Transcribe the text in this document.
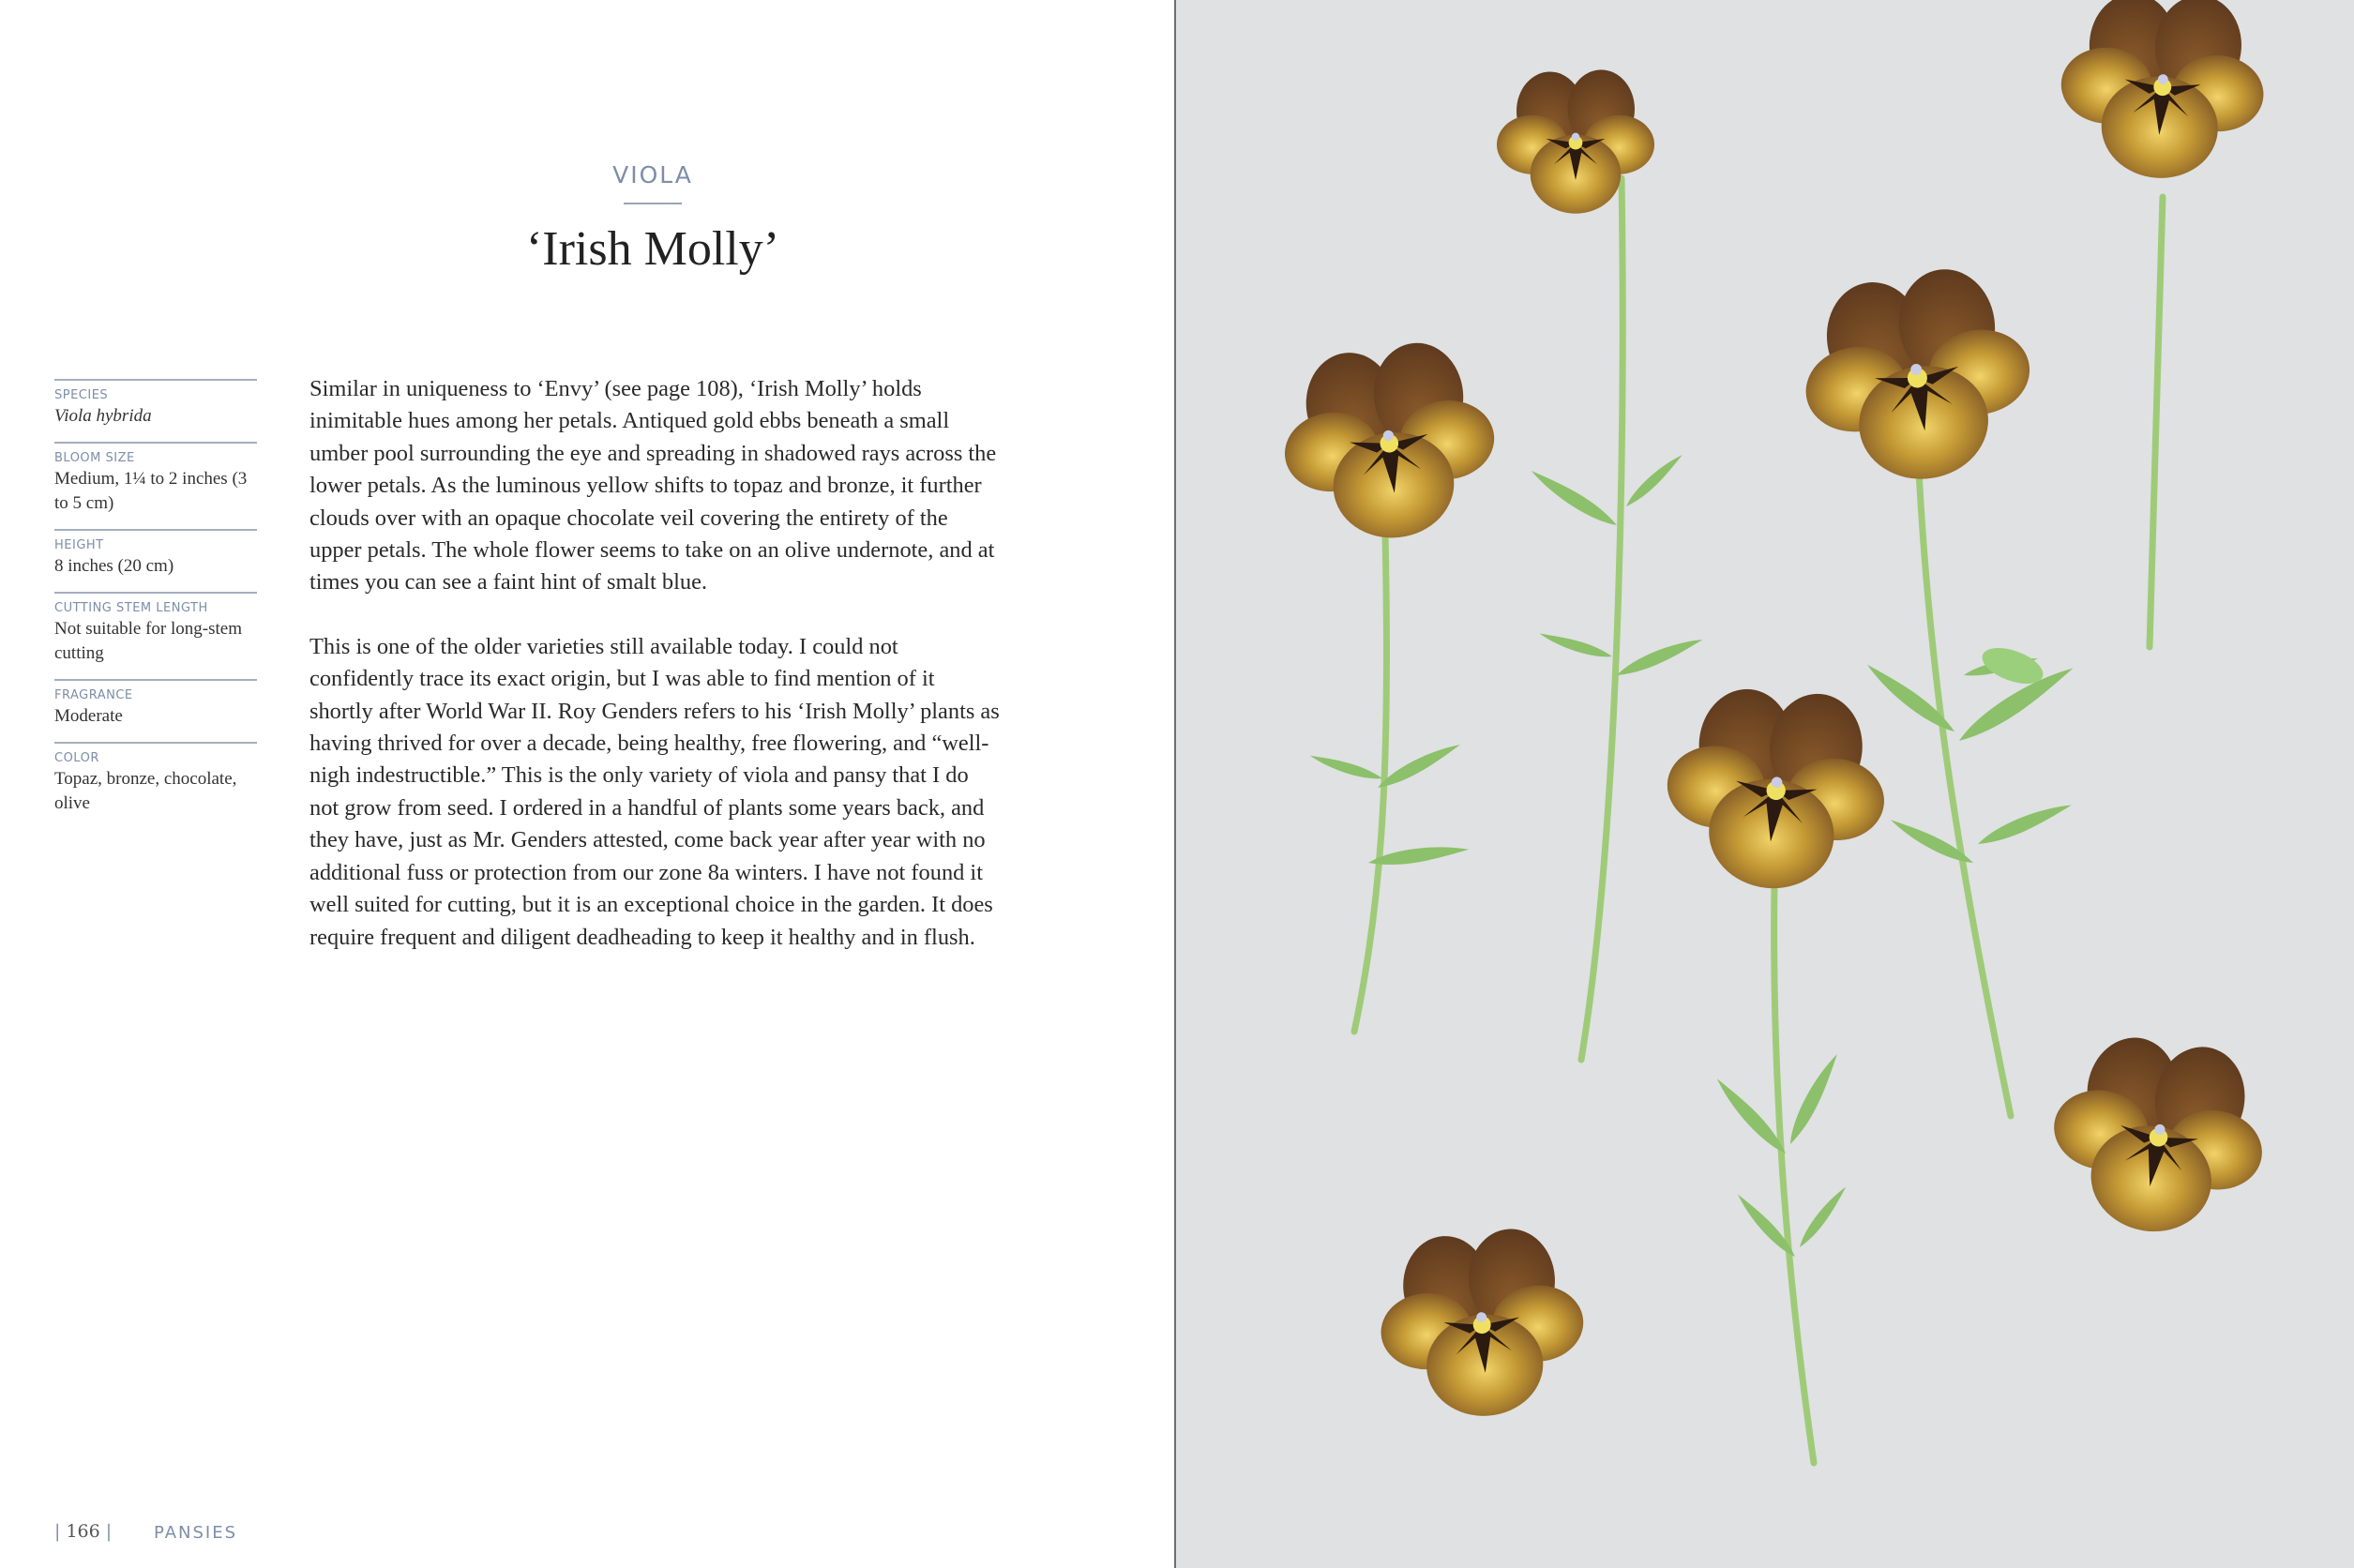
VIOLA
‘Irish Molly’
SPECIES
Viola hybrida
BLOOM SIZE
Medium, 1¼ to 2 inches (3 to 5 cm)
HEIGHT
8 inches (20 cm)
CUTTING STEM LENGTH
Not suitable for long-stem cutting
FRAGRANCE
Moderate
COLOR
Topaz, bronze, chocolate, olive

Similar in uniqueness to ‘Envy’ (see page 108), ‘Irish Molly’ holds inimitable hues among her petals. Antiqued gold ebbs beneath a small umber pool surrounding the eye and spreading in shadowed rays across the lower petals. As the luminous yellow shifts to topaz and bronze, it further clouds over with an opaque chocolate veil covering the entirety of the upper petals. The whole flower seems to take on an olive undernote, and at times you can see a faint hint of smalt blue.

This is one of the older varieties still available today. I could not confidently trace its exact origin, but I was able to find mention of it shortly after World War II. Roy Genders refers to his ‘Irish Molly’ plants as having thrived for over a decade, being healthy, free flowering, and “well-nigh indestructible.” This is the only variety of viola and pansy that I do not grow from seed. I ordered in a handful of plants some years back, and they have, just as Mr. Genders attested, come back year after year with no additional fuss or protection from our zone 8a winters. I have not found it well suited for cutting, but it is an exceptional choice in the garden. It does require frequent and diligent deadheading to keep it healthy and in flush.

| 166 | PANSIES
